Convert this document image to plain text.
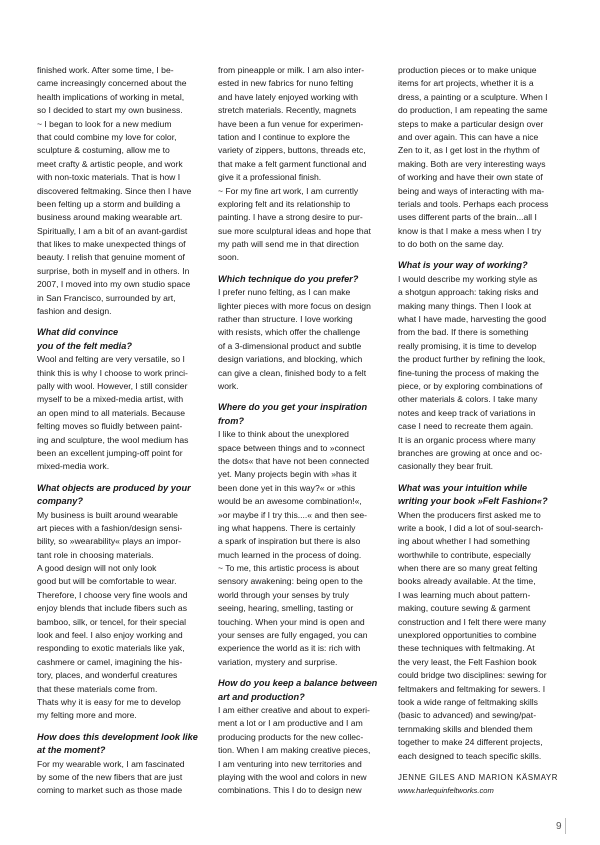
finished work. After some time, I be-
came increasingly concerned about the
health implications of working in metal,
so I decided to start my own business.
~ I began to look for a new medium
that could combine my love for color,
sculpture & costuming, allow me to
meet crafty & artistic people, and work
with non-toxic materials. That is how I
discovered feltmaking. Since then I have
been felting up a storm and building a
business around making wearable art.
Spiritually, I am a bit of an avant-gardist
that likes to make unexpected things of
beauty. I relish that genuine moment of
surprise, both in myself and in others. In
2007, I moved into my own studio space
in San Francisco, surrounded by art,
fashion and design.
What did convince
you of the felt media?
Wool and felting are very versatile, so I
think this is why I choose to work princi-
pally with wool. However, I still consider
myself to be a mixed-media artist, with
an open mind to all materials. Because
felting moves so fluidly between paint-
ing and sculpture, the wool medium has
been an excellent jumping-off point for
mixed-media work.
What objects are produced by your
company?
My business is built around wearable
art pieces with a fashion/design sensi-
bility, so »wearability« plays an impor-
tant role in choosing materials.
A good design will not only look
good but will be comfortable to wear.
Therefore, I choose very fine wools and
enjoy blends that include fibers such as
bamboo, silk, or tencel, for their special
look and feel. I also enjoy working and
responding to exotic materials like yak,
cashmere or camel, imagining the his-
tory, places, and wonderful creatures
that these materials come from.
Thats why it is easy for me to develop
my felting more and more.
How does this development look like
at the moment?
For my wearable work, I am fascinated
by some of the new fibers that are just
coming to market such as those made
from pineapple or milk. I am also inter-
ested in new fabrics for nuno felting
and have lately enjoyed working with
stretch materials. Recently, magnets
have been a fun venue for experimen-
tation and I continue to explore the
variety of zippers, buttons, threads etc,
that make a felt garment functional and
give it a professional finish.
~ For my fine art work, I am currently
exploring felt and its relationship to
painting. I have a strong desire to pur-
sue more sculptural ideas and hope that
my path will send me in that direction
soon.
Which technique do you prefer?
I prefer nuno felting, as I can make
lighter pieces with more focus on design
rather than structure. I love working
with resists, which offer the challenge
of a 3-dimensional product and subtle
design variations, and blocking, which
can give a clean, finished body to a felt
work.
Where do you get your inspiration
from?
I like to think about the unexplored
space between things and to »connect
the dots« that have not been connected
yet. Many projects begin with »has it
been done yet in this way?« or »this
would be an awesome combination!«,
»or maybe if I try this....« and then see-
ing what happens. There is certainly
a spark of inspiration but there is also
much learned in the process of doing.
~ To me, this artistic process is about
sensory awakening: being open to the
world through your senses by truly
seeing, hearing, smelling, tasting or
touching. When your mind is open and
your senses are fully engaged, you can
experience the world as it is: rich with
variation, mystery and surprise.
How do you keep a balance between
art and production?
I am either creative and about to experi-
ment a lot or I am productive and I am
producing products for the new collec-
tion. When I am making creative pieces,
I am venturing into new territories and
playing with the wool and colors in new
combinations. This I do to design new
production pieces or to make unique
items for art projects, whether it is a
dress, a painting or a sculpture. When I
do production, I am repeating the same
steps to make a particular design over
and over again. This can have a nice
Zen to it, as I get lost in the rhythm of
making. Both are very interesting ways
of working and have their own state of
being and ways of interacting with ma-
terials and tools. Perhaps each process
uses different parts of the brain...all I
know is that I make a mess when I try
to do both on the same day.
What is your way of working?
I would describe my working style as
a shotgun approach: taking risks and
making many things. Then I look at
what I have made, harvesting the good
from the bad. If there is something
really promising, it is time to develop
the product further by refining the look,
fine-tuning the process of making the
piece, or by exploring combinations of
other materials & colors. I take many
notes and keep track of variations in
case I need to recreate them again.
It is an organic process where many
branches are growing at once and oc-
casionally they bear fruit.
What was your intuition while
writing your book »Felt Fashion«?
When the producers first asked me to
write a book, I did a lot of soul-search-
ing about whether I had something
worthwhile to contribute, especially
when there are so many great felting
books already available. At the time,
I was learning much about pattern-
making, couture sewing & garment
construction and I felt there were many
unexplored opportunities to combine
these techniques with feltmaking. At
the very least, the Felt Fashion book
could bridge two disciplines: sewing for
feltmakers and feltmaking for sewers. I
took a wide range of feltmaking skills
(basic to advanced) and sewing/pat-
ternmaking skills and blended them
together to make 24 different projects,
each designed to teach specific skills.
JENNE GILES AND MARION KÄSMAYR
www.harlequinfeltworks.com
9
